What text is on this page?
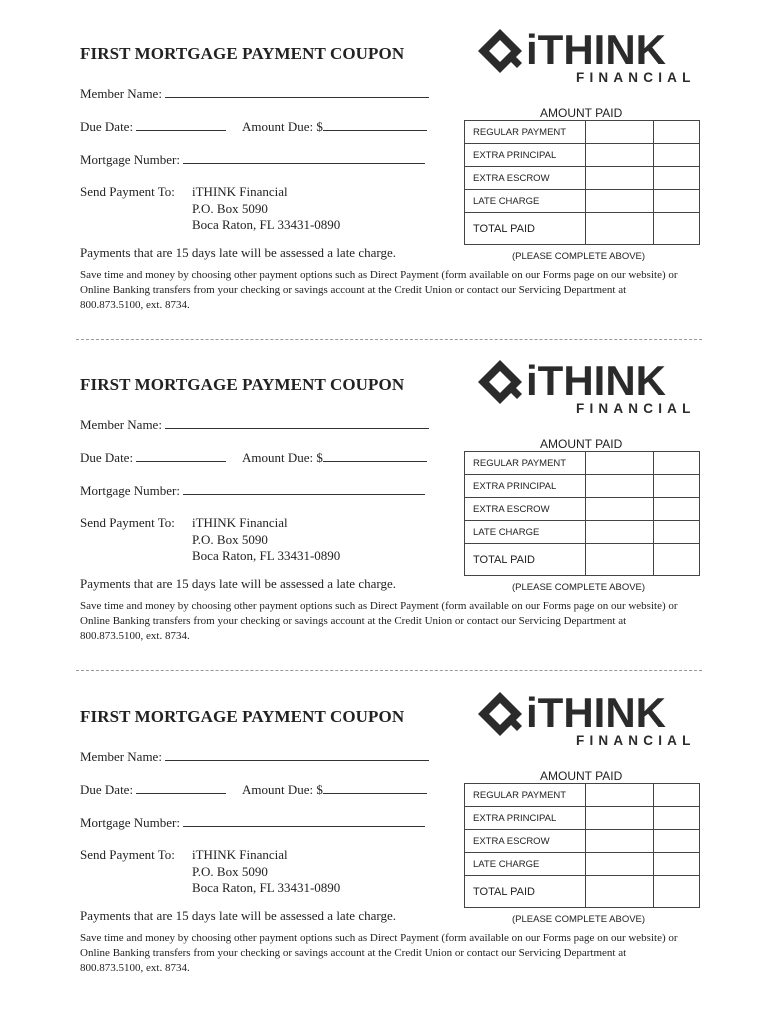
FIRST MORTGAGE PAYMENT COUPON
Member Name:
Due Date:	Amount Due: $
Mortgage Number:
Send Payment To: iTHINK Financial
P.O. Box 5090
Boca Raton, FL 33431-0890
Payments that are 15 days late will be assessed a late charge.
Save time and money by choosing other payment options such as Direct Payment (form available on our Forms page on our website) or Online Banking transfers from your checking or savings account at the Credit Union or contact our Servicing Department at 800.873.5100, ext. 8734.
iTHINK
FINANCIAL
AMOUNT PAID
REGULAR PAYMENT		
EXTRA PRINCIPAL		
EXTRA ESCROW		
LATE CHARGE		
TOTAL PAID		
(PLEASE COMPLETE ABOVE)
FIRST MORTGAGE PAYMENT COUPON
Member Name:
Due Date:	Amount Due: $
Mortgage Number:
Send Payment To: iTHINK Financial
P.O. Box 5090
Boca Raton, FL 33431-0890
Payments that are 15 days late will be assessed a late charge.
Save time and money by choosing other payment options such as Direct Payment (form available on our Forms page on our website) or Online Banking transfers from your checking or savings account at the Credit Union or contact our Servicing Department at 800.873.5100, ext. 8734.
iTHINK
FINANCIAL
AMOUNT PAID
REGULAR PAYMENT		
EXTRA PRINCIPAL		
EXTRA ESCROW		
LATE CHARGE		
TOTAL PAID		
(PLEASE COMPLETE ABOVE)
FIRST MORTGAGE PAYMENT COUPON
Member Name:
Due Date:	Amount Due: $
Mortgage Number:
Send Payment To: iTHINK Financial
P.O. Box 5090
Boca Raton, FL 33431-0890
Payments that are 15 days late will be assessed a late charge.
Save time and money by choosing other payment options such as Direct Payment (form available on our Forms page on our website) or Online Banking transfers from your checking or savings account at the Credit Union or contact our Servicing Department at 800.873.5100, ext. 8734.
iTHINK
FINANCIAL
AMOUNT PAID
REGULAR PAYMENT		
EXTRA PRINCIPAL		
EXTRA ESCROW		
LATE CHARGE		
TOTAL PAID		
(PLEASE COMPLETE ABOVE)
